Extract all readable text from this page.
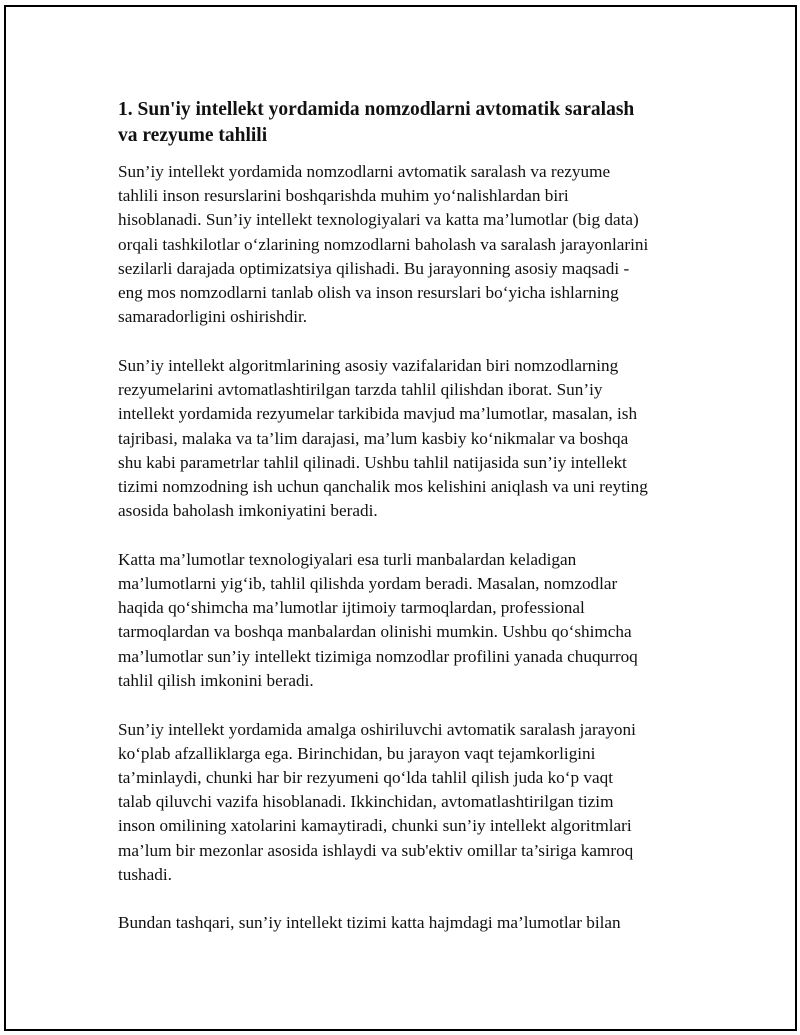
1. Sun'iy intellekt yordamida nomzodlarni avtomatik saralash
va rezyume tahlili

Sun’iy intellekt yordamida nomzodlarni avtomatik saralash va rezyume
tahlili inson resurslarini boshqarishda muhim yo‘nalishlardan biri
hisoblanadi. Sun’iy intellekt texnologiyalari va katta ma’lumotlar (big data)
orqali tashkilotlar o‘zlarining nomzodlarni baholash va saralash jarayonlarini
sezilarli darajada optimizatsiya qilishadi. Bu jarayonning asosiy maqsadi -
eng mos nomzodlarni tanlab olish va inson resurslari bo‘yicha ishlarning
samaradorligini oshirishdir.

Sun’iy intellekt algoritmlarining asosiy vazifalaridan biri nomzodlarning
rezyumelarini avtomatlashtirilgan tarzda tahlil qilishdan iborat. Sun’iy
intellekt yordamida rezyumelar tarkibida mavjud ma’lumotlar, masalan, ish
tajribasi, malaka va ta’lim darajasi, ma’lum kasbiy ko‘nikmalar va boshqa
shu kabi parametrlar tahlil qilinadi. Ushbu tahlil natijasida sun’iy intellekt
tizimi nomzodning ish uchun qanchalik mos kelishini aniqlash va uni reyting
asosida baholash imkoniyatini beradi.

Katta ma’lumotlar texnologiyalari esa turli manbalardan keladigan
ma’lumotlarni yig‘ib, tahlil qilishda yordam beradi. Masalan, nomzodlar
haqida qo‘shimcha ma’lumotlar ijtimoiy tarmoqlardan, professional
tarmoqlardan va boshqa manbalardan olinishi mumkin. Ushbu qo‘shimcha
ma’lumotlar sun’iy intellekt tizimiga nomzodlar profilini yanada chuqurroq
tahlil qilish imkonini beradi.

Sun’iy intellekt yordamida amalga oshiriluvchi avtomatik saralash jarayoni
ko‘plab afzalliklarga ega. Birinchidan, bu jarayon vaqt tejamkorligini
ta’minlaydi, chunki har bir rezyumeni qo‘lda tahlil qilish juda ko‘p vaqt
talab qiluvchi vazifa hisoblanadi. Ikkinchidan, avtomatlashtirilgan tizim
inson omilining xatolarini kamaytiradi, chunki sun’iy intellekt algoritmlari
ma’lum bir mezonlar asosida ishlaydi va sub'ektiv omillar ta’siriga kamroq
tushadi.

Bundan tashqari, sun’iy intellekt tizimi katta hajmdagi ma’lumotlar bilan
